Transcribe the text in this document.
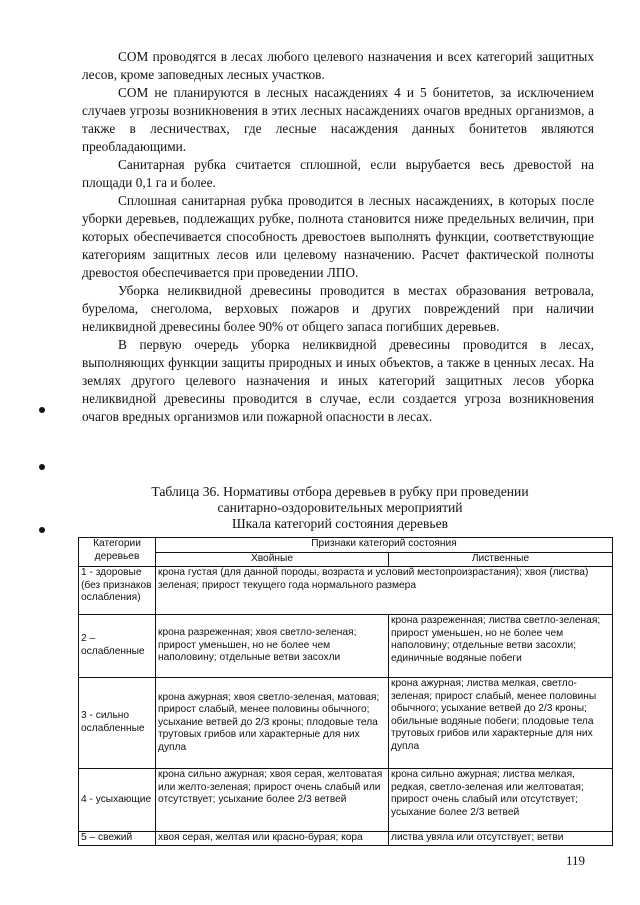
СОМ проводятся в лесах любого целевого назначения и всех категорий защитных лесов, кроме заповедных лесных участков.

СОМ не планируются в лесных насаждениях 4 и 5 бонитетов, за исключением случаев угрозы возникновения в этих лесных насаждениях очагов вредных организмов, а также в лесничествах, где лесные насаждения данных бонитетов являются преобладающими.

Санитарная рубка считается сплошной, если вырубается весь древостой на площади 0,1 га и более.

Сплошная санитарная рубка проводится в лесных насаждениях, в которых после уборки деревьев, подлежащих рубке, полнота становится ниже предельных величин, при которых обеспечивается способность древостоев выполнять функции, соответствующие категориям защитных лесов или целевому назначению. Расчет фактической полноты древостоя обеспечивается при проведении ЛПО.

Уборка неликвидной древесины проводится в местах образования ветровала, бурелома, снеголома, верховых пожаров и других повреждений при наличии неликвидной древесины более 90% от общего запаса погибших деревьев.

В первую очередь уборка неликвидной древесины проводится в лесах, выполняющих функции защиты природных и иных объектов, а также в ценных лесах. На землях другого целевого назначения и иных категорий защитных лесов уборка неликвидной древесины проводится в случае, если создается угроза возникновения очагов вредных организмов или пожарной опасности в лесах.

Таблица 36. Нормативы отбора деревьев в рубку при проведении
санитарно-оздоровительных мероприятий
Шкала категорий состояния деревьев
Категории деревьев	Признаки категорий состояния	
	Хвойные	Лиственные
1 - здоровые (без признаков ослабления)	крона густая (для данной породы, возраста и условий местопроизрастания); хвоя (листва) зеленая; прирост текущего года нормального размера	
2 – ослабленные	крона разреженная; хвоя светло-зеленая; прирост уменьшен, но не более чем наполовину; отдельные ветви засохли	крона разреженная; листва светло-зеленая; прирост уменьшен, но не более чем наполовину; отдельные ветви засохли; единичные водяные побеги
3 - сильно ослабленные	крона ажурная; хвоя светло-зеленая, матовая; прирост слабый, менее половины обычного; усыхание ветвей до 2/3 кроны; плодовые тела трутовых грибов или характерные для них дупла	крона ажурная; листва мелкая, светло-зеленая; прирост слабый, менее половины обычного; усыхание ветвей до 2/3 кроны; обильные водяные побеги; плодовые тела трутовых грибов или характерные для них дупла
4 - усыхающие	крона сильно ажурная; хвоя серая, желтоватая или желто-зеленая; прирост очень слабый или отсутствует; усыхание более 2/3 ветвей	крона сильно ажурная; листва мелкая, редкая, светло-зеленая или желтоватая; прирост очень слабый или отсутствует; усыхание более 2/3 ветвей
5 – свежий	хвоя серая, желтая или красно-бурая; кора	листва увяла или отсутствует; ветви
119
